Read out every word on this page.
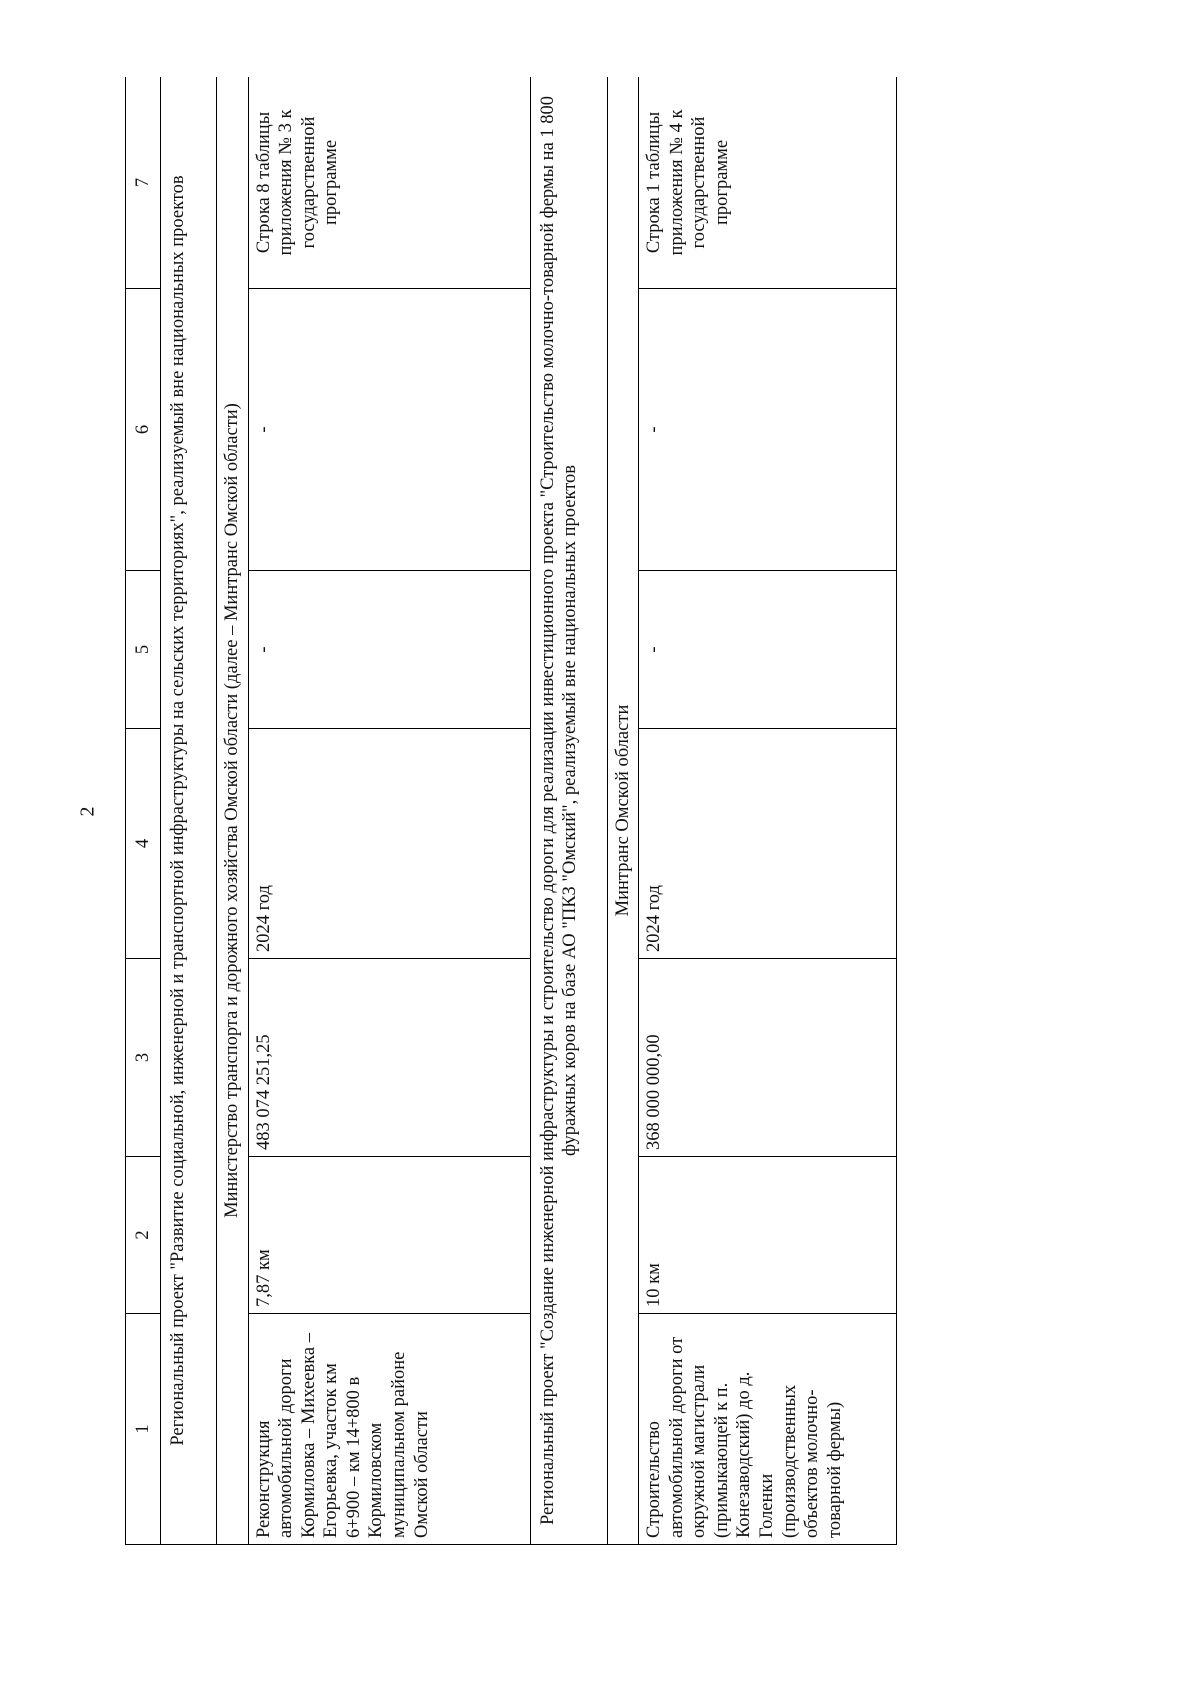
2
1	2	3	4	5	6	7
Региональный проект "Развитие социальной, инженерной и транспортной инфраструктуры на сельских территориях", реализуемый вне национальных проектов						
Министерство транспорта и дорожного хозяйства Омской области (далее – Минтранс Омской области)						
Реконструкция автомобильной дороги Кормиловка – Михеевка – Егорьевка, участок км 6+900 – км 14+800 в Кормиловском муниципальном районе Омской области	7,87 км	483 074 251,25	2024 год	-	-	Строка 8 таблицы приложения № 3 к государственной программе
Региональный проект "Создание инженерной инфраструктуры и строительство дороги для реализации инвестиционного проекта "Строительство молочно-товарной фермы на 1 800 фуражных коров на базе АО "ПКЗ "Омский", реализуемый вне национальных проектов						
Минтранс Омской области						
Строительство автомобильной дороги от окружной магистрали (примыкающей к п. Конезаводский) до д. Голенки (производственных объектов молочно-товарной фермы)	10 км	368 000 000,00	2024 год	-	-	Строка 1 таблицы приложения № 4 к государственной программе
